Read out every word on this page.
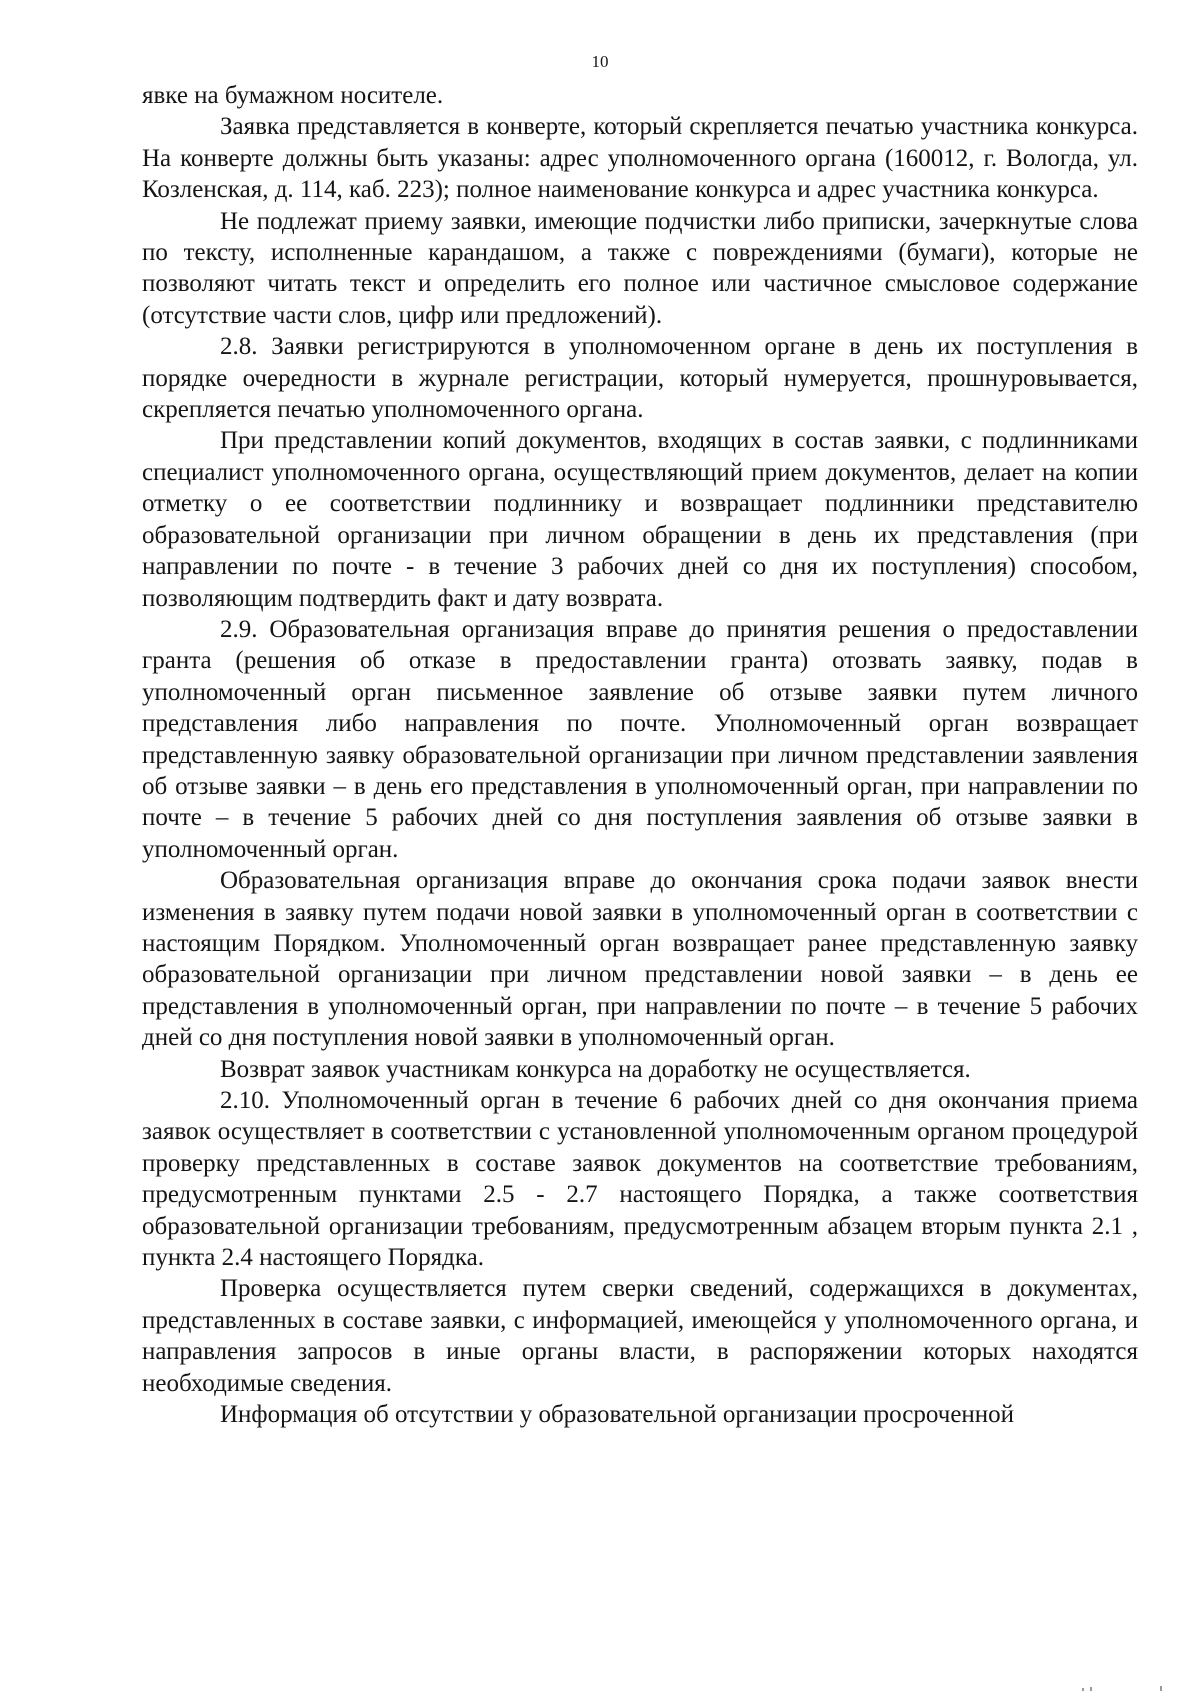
10

явке на бумажном носителе.

Заявка представляется в конверте, который скрепляется печатью участника конкурса. На конверте должны быть указаны: адрес уполномоченного органа (160012, г. Вологда, ул. Козленская, д. 114, каб. 223); полное наименование конкурса и адрес участника конкурса.

Не подлежат приему заявки, имеющие подчистки либо приписки, зачеркнутые слова по тексту, исполненные карандашом, а также с повреждениями (бумаги), которые не позволяют читать текст и определить его полное или частичное смысловое содержание (отсутствие части слов, цифр или предложений).

2.8. Заявки регистрируются в уполномоченном органе в день их поступления в порядке очередности в журнале регистрации, который нумеруется, прошнуровывается, скрепляется печатью уполномоченного органа.

При представлении копий документов, входящих в состав заявки, с подлинниками специалист уполномоченного органа, осуществляющий прием документов, делает на копии отметку о ее соответствии подлиннику и возвращает подлинники представителю образовательной организации при личном обращении в день их представления (при направлении по почте - в течение 3 рабочих дней со дня их поступления) способом, позволяющим подтвердить факт и дату возврата.

2.9. Образовательная организация вправе до принятия решения о предоставлении гранта (решения об отказе в предоставлении гранта) отозвать заявку, подав в уполномоченный орган письменное заявление об отзыве заявки путем личного представления либо направления по почте. Уполномоченный орган возвращает представленную заявку образовательной организации при личном представлении заявления об отзыве заявки – в день его представления в уполномоченный орган, при направлении по почте – в течение 5 рабочих дней со дня поступления заявления об отзыве заявки в уполномоченный орган.

Образовательная организация вправе до окончания срока подачи заявок внести изменения в заявку путем подачи новой заявки в уполномоченный орган в соответствии с настоящим Порядком. Уполномоченный орган возвращает ранее представленную заявку образовательной организации при личном представлении новой заявки – в день ее представления в уполномоченный орган, при направлении по почте – в течение 5 рабочих дней со дня поступления новой заявки в уполномоченный орган.

Возврат заявок участникам конкурса на доработку не осуществляется.

2.10. Уполномоченный орган в течение 6 рабочих дней со дня окончания приема заявок осуществляет в соответствии с установленной уполномоченным органом процедурой проверку представленных в составе заявок документов на соответствие требованиям, предусмотренным пунктами 2.5 - 2.7 настоящего Порядка, а также соответствия образовательной организации требованиям, предусмотренным абзацем вторым пункта 2.1 , пункта 2.4 настоящего Порядка.

Проверка осуществляется путем сверки сведений, содержащихся в документах, представленных в составе заявки, с информацией, имеющейся у уполномоченного органа, и направления запросов в иные органы власти, в распоряжении которых находятся необходимые сведения.

Информация об отсутствии у образовательной организации просроченной
